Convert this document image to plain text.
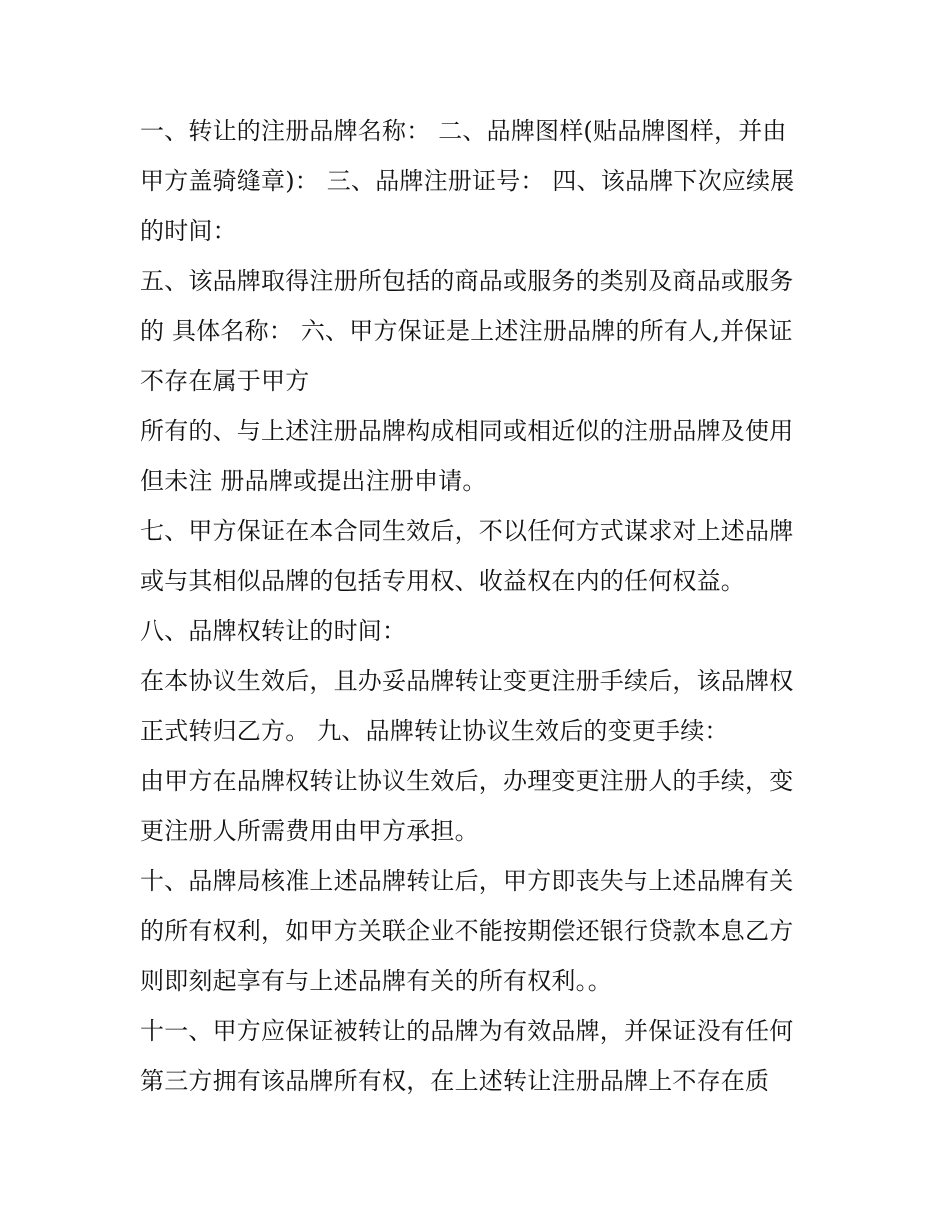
一、转让的注册品牌名称： 二、品牌图样(贴品牌图样，并由
甲方盖骑缝章)： 三、品牌注册证号： 四、该品牌下次应续展
的时间：
五、该品牌取得注册所包括的商品或服务的类别及商品或服务
的 具体名称： 六、甲方保证是上述注册品牌的所有人,并保证
不存在属于甲方
所有的、与上述注册品牌构成相同或相近似的注册品牌及使用
但未注 册品牌或提出注册申请。
七、甲方保证在本合同生效后，不以任何方式谋求对上述品牌
或与其相似品牌的包括专用权、收益权在内的任何权益。
八、品牌权转让的时间：
在本协议生效后，且办妥品牌转让变更注册手续后，该品牌权
正式转归乙方。 九、品牌转让协议生效后的变更手续：
由甲方在品牌权转让协议生效后，办理变更注册人的手续，变
更注册人所需费用由甲方承担。
十、品牌局核准上述品牌转让后，甲方即丧失与上述品牌有关
的所有权利，如甲方关联企业不能按期偿还银行贷款本息乙方
则即刻起享有与上述品牌有关的所有权利。。
十一、甲方应保证被转让的品牌为有效品牌，并保证没有任何
第三方拥有该品牌所有权，在上述转让注册品牌上不存在质
